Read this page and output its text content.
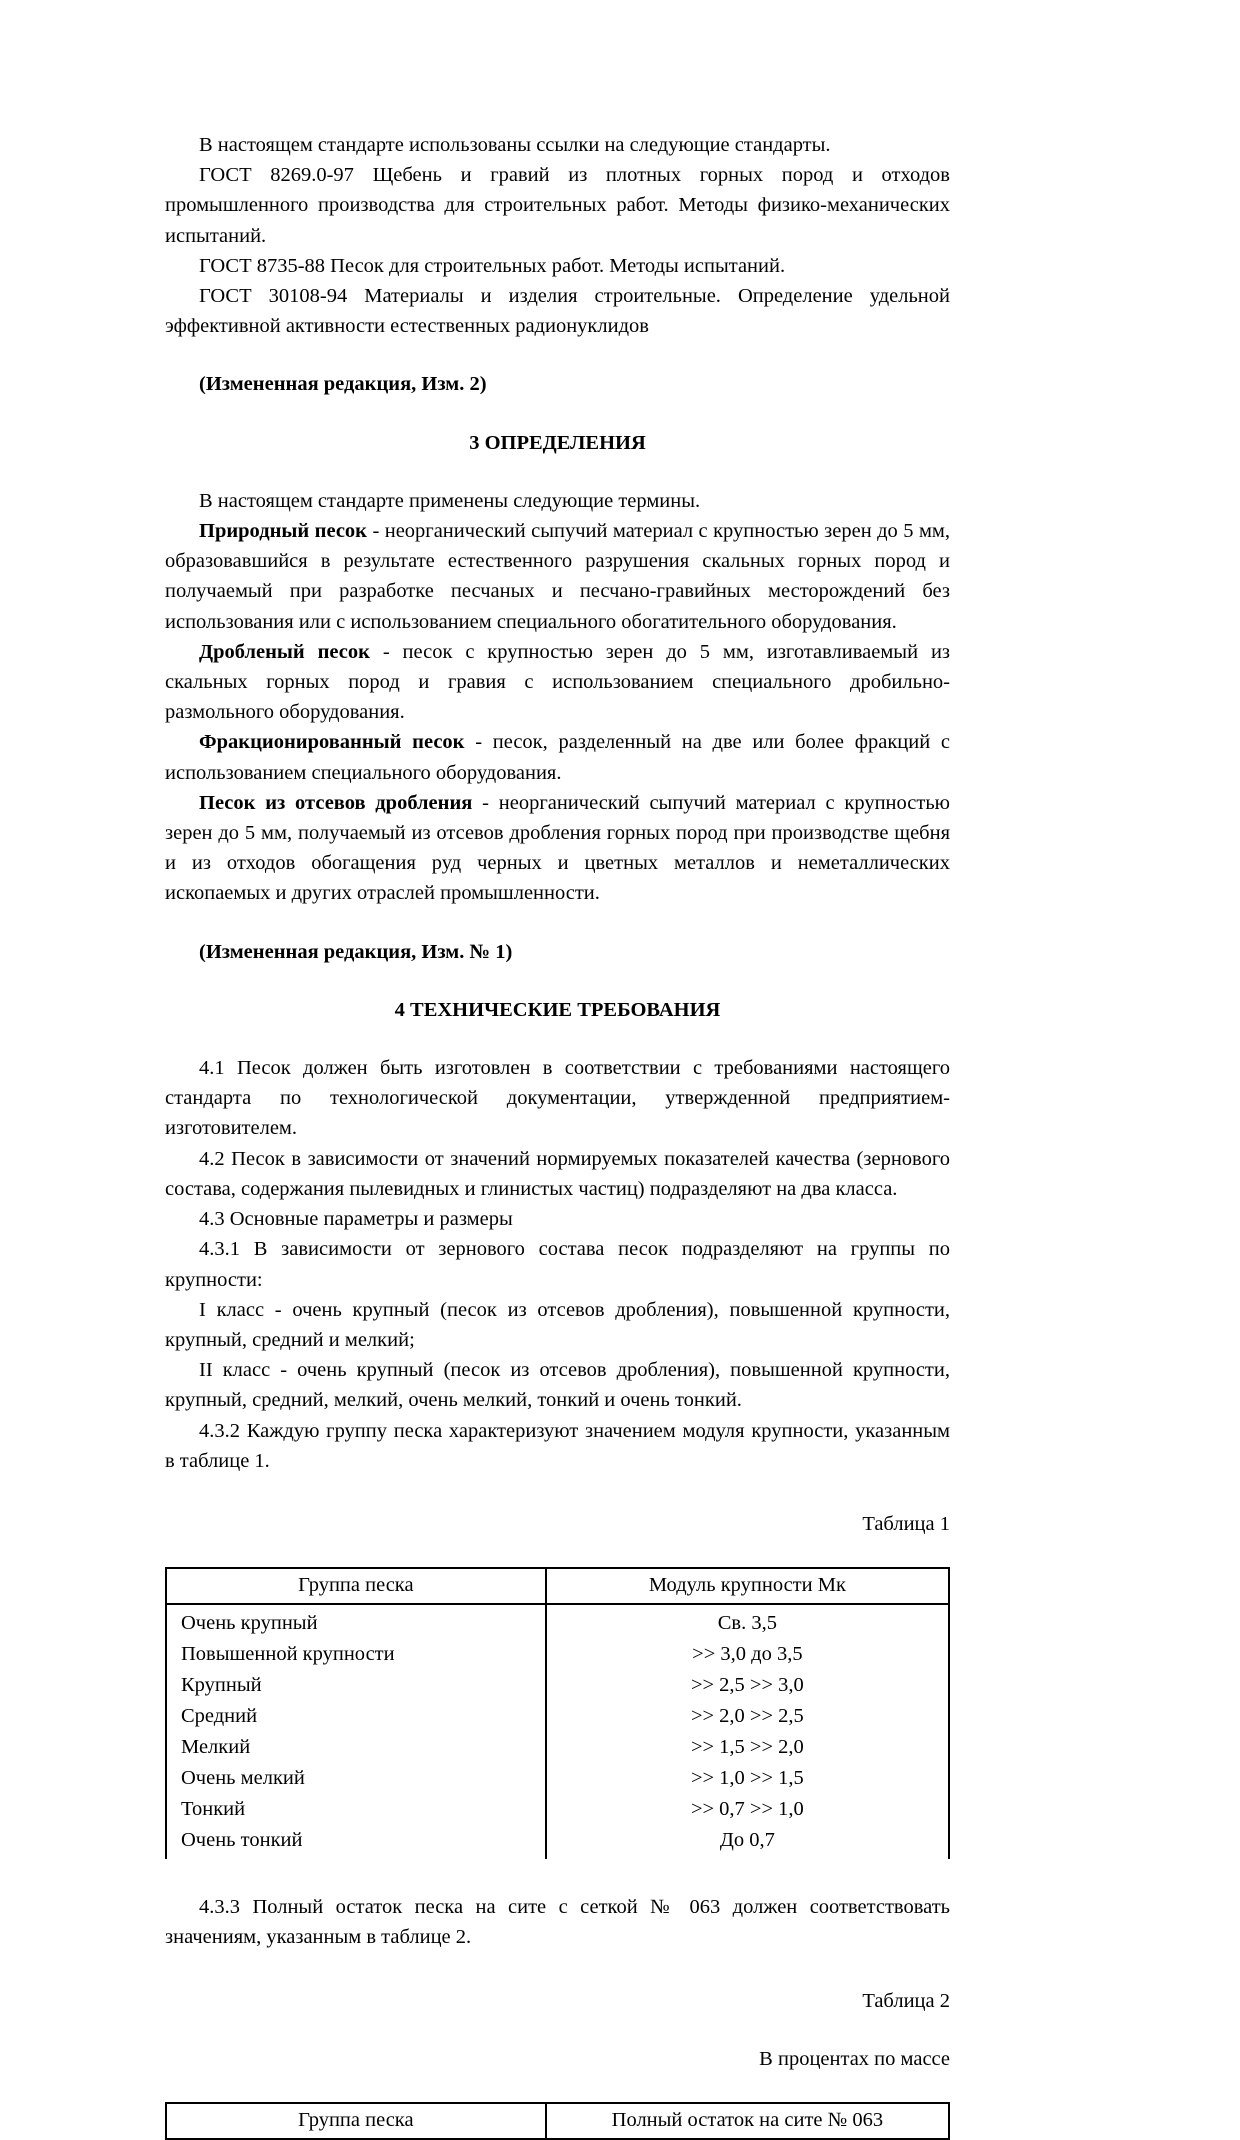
В настоящем стандарте использованы ссылки на следующие стандарты.

ГОСТ 8269.0-97 Щебень и гравий из плотных горных пород и отходов промышленного производства для строительных работ. Методы физико-механических испытаний.

ГОСТ 8735-88 Песок для строительных работ. Методы испытаний.

ГОСТ 30108-94 Материалы и изделия строительные. Определение удельной эффективной активности естественных радионуклидов

(Измененная редакция, Изм. 2)

3 ОПРЕДЕЛЕНИЯ

В настоящем стандарте применены следующие термины.

Природный песок - неорганический сыпучий материал с крупностью зерен до 5 мм, образовавшийся в результате естественного разрушения скальных горных пород и получаемый при разработке песчаных и песчано-гравийных месторождений без использования или с использованием специального обогатительного оборудования.

Дробленый песок - песок с крупностью зерен до 5 мм, изготавливаемый из скальных горных пород и гравия с использованием специального дробильно-размольного оборудования.

Фракционированный песок - песок, разделенный на две или более фракций с использованием специального оборудования.

Песок из отсевов дробления - неорганический сыпучий материал с крупностью зерен до 5 мм, получаемый из отсевов дробления горных пород при производстве щебня и из отходов обогащения руд черных и цветных металлов и неметаллических ископаемых и других отраслей промышленности.

(Измененная редакция, Изм. № 1)

4 ТЕХНИЧЕСКИЕ ТРЕБОВАНИЯ

4.1 Песок должен быть изготовлен в соответствии с требованиями настоящего стандарта по технологической документации, утвержденной предприятием-изготовителем.

4.2 Песок в зависимости от значений нормируемых показателей качества (зернового состава, содержания пылевидных и глинистых частиц) подразделяют на два класса.

4.3 Основные параметры и размеры

4.3.1 В зависимости от зернового состава песок подразделяют на группы по крупности:

I класс - очень крупный (песок из отсевов дробления), повышенной крупности, крупный, средний и мелкий;

II класс - очень крупный (песок из отсевов дробления), повышенной крупности, крупный, средний, мелкий, очень мелкий, тонкий и очень тонкий.

4.3.2 Каждую группу песка характеризуют значением модуля крупности, указанным в таблице 1.

Таблица 1

Группа песка	Модуль крупности Мк
Очень крупный	Св. 3,5
Повышенной крупности	>> 3,0 до 3,5
Крупный	>> 2,5 >> 3,0
Средний	>> 2,0 >> 2,5
Мелкий	>> 1,5 >> 2,0
Очень мелкий	>> 1,0 >> 1,5
Тонкий	>> 0,7 >> 1,0
Очень тонкий	До 0,7

4.3.3 Полный остаток песка на сите с сеткой № 063 должен соответствовать значениям, указанным в таблице 2.

Таблица 2

В процентах по массе

Группа песка	Полный остаток на сите № 063
